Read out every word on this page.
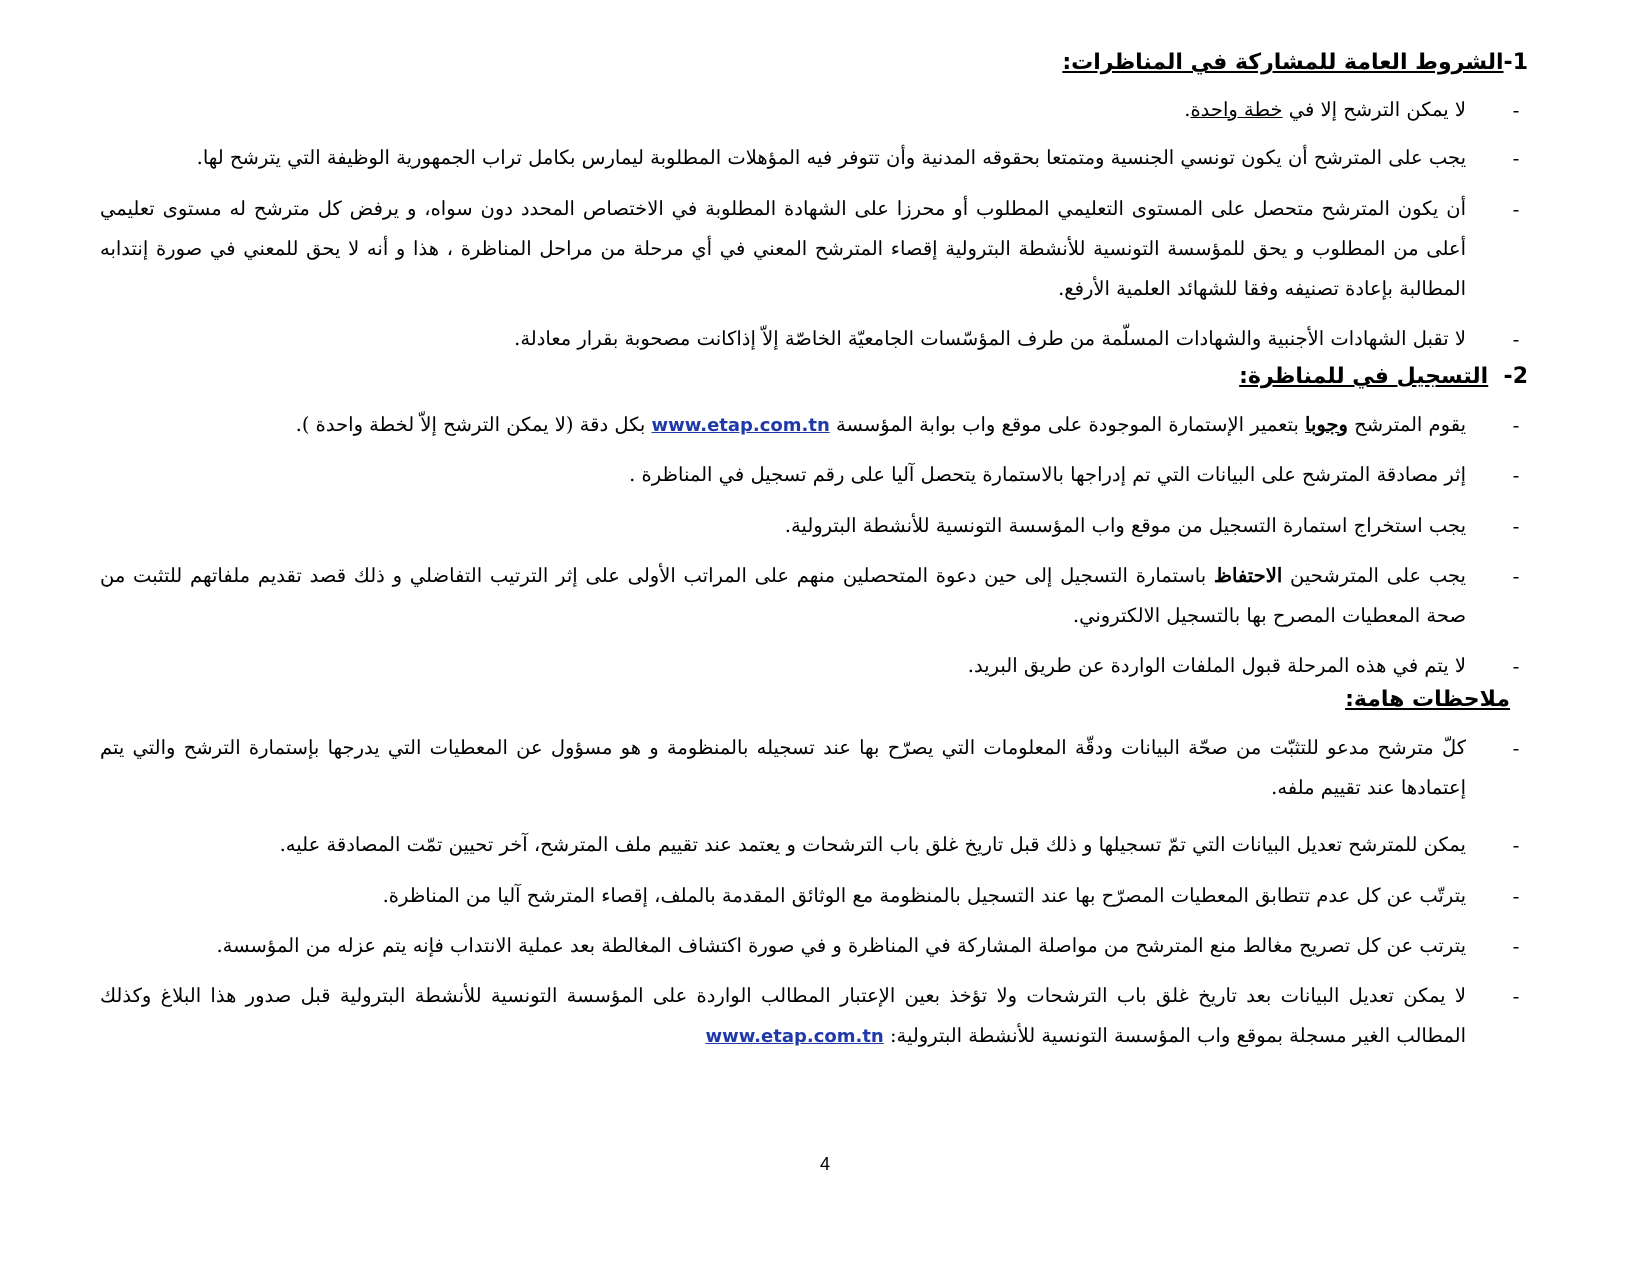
1-الشروط العامة للمشاركة في المناظرات:
-
لا يمكن الترشح إلا في خطة واحدة.
-
يجب على المترشح أن يكون تونسي الجنسية ومتمتعا بحقوقه المدنية وأن تتوفر فيه المؤهلات المطلوبة ليمارس بكامل تراب الجمهورية الوظيفة التي يترشح لها.
-
أن يكون المترشح متحصل على المستوى التعليمي المطلوب أو محرزا على الشهادة المطلوبة في الاختصاص المحدد دون سواه، و يرفض كل مترشح له مستوى تعليمي أعلى من المطلوب و يحق للمؤسسة التونسية للأنشطة البترولية إقصاء المترشح المعني في أي مرحلة من مراحل المناظرة ، هذا و أنه لا يحق للمعني في صورة إنتدابه المطالبة بإعادة تصنيفه وفقا للشهائد العلمية الأرفع.
-
لا تقبل الشهادات الأجنبية والشهادات المسلّمة من طرف المؤسّسات الجامعيّة الخاصّة إلاّ إذاكانت مصحوبة بقرار معادلة.
2-  التسجيل في للمناظرة:
-
يقوم المترشح وجوبا بتعمير الإستمارة الموجودة على موقع واب بوابة المؤسسة www.etap.com.tn بكل دقة (لا يمكن الترشح إلاّ لخطة واحدة ).
-
إثر مصادقة المترشح على البيانات التي تم إدراجها بالاستمارة يتحصل آليا على رقم تسجيل في المناظرة .
-
يجب استخراج استمارة التسجيل من موقع واب المؤسسة التونسية للأنشطة البترولية.
-
يجب على المترشحين الاحتفاظ باستمارة التسجيل إلى حين دعوة المتحصلين منهم على المراتب الأولى على إثر الترتيب التفاضلي و ذلك قصد تقديم ملفاتهم للتثبت من صحة المعطيات المصرح بها بالتسجيل الالكتروني.
-
لا يتم في هذه المرحلة قبول الملفات الواردة عن طريق البريد.
ملاحظات هامة:
-
كلّ مترشح مدعو للتثبّت من صحّة البيانات ودقّة المعلومات التي يصرّح بها عند تسجيله بالمنظومة و هو مسؤول عن المعطيات التي يدرجها بإستمارة الترشح والتي يتم إعتمادها عند تقييم ملفه.
-
يمكن للمترشح تعديل البيانات التي تمّ تسجيلها و ذلك قبل تاريخ غلق باب الترشحات و يعتمد عند تقييم ملف المترشح، آخر تحيين تمّت المصادقة عليه.
-
يترتّب عن كل عدم تتطابق المعطيات المصرّح بها عند التسجيل بالمنظومة مع الوثائق المقدمة بالملف، إقصاء المترشح آليا من المناظرة.
-
يترتب عن كل تصريح مغالط منع المترشح من مواصلة المشاركة في المناظرة و في صورة اكتشاف المغالطة بعد عملية الانتداب فإنه يتم عزله من المؤسسة.
-
لا يمكن تعديل البيانات بعد تاريخ غلق باب الترشحات ولا تؤخذ بعين الإعتبار المطالب الواردة على المؤسسة التونسية للأنشطة البترولية قبل صدور هذا البلاغ وكذلك المطالب الغير مسجلة بموقع واب المؤسسة التونسية للأنشطة البترولية: www.etap.com.tn
4
